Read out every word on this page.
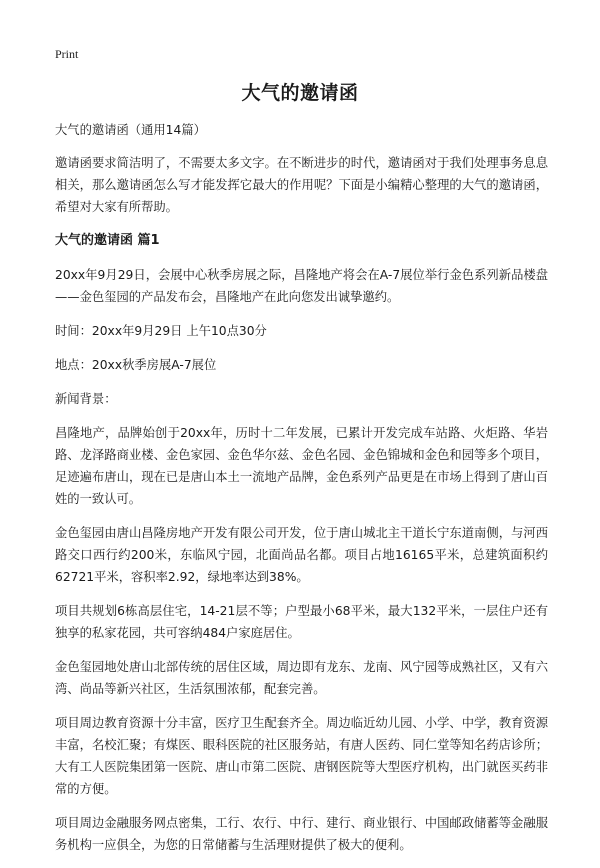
Print
大气的邀请函

大气的邀请函（通用14篇）

邀请函要求简洁明了，不需要太多文字。在不断进步的时代，邀请函对于我们处理事务息息相关，那么邀请函怎么写才能发挥它最大的作用呢？下面是小编精心整理的大气的邀请函，希望对大家有所帮助。

大气的邀请函 篇1

20xx年9月29日，会展中心秋季房展之际，昌隆地产将会在A-7展位举行金色系列新品楼盘——金色玺园的产品发布会，昌隆地产在此向您发出诚挚邀约。

时间：20xx年9月29日 上午10点30分

地点：20xx秋季房展A-7展位

新闻背景：

昌隆地产，品牌始创于20xx年，历时十二年发展，已累计开发完成车站路、火炬路、华岩路、龙泽路商业楼、金色家园、金色华尔兹、金色名园、金色锦城和金色和园等多个项目，足迹遍布唐山，现在已是唐山本土一流地产品牌，金色系列产品更是在市场上得到了唐山百姓的一致认可。

金色玺园由唐山昌隆房地产开发有限公司开发，位于唐山城北主干道长宁东道南侧，与河西路交口西行约200米，东临风宁园，北面尚品名都。项目占地16165平米，总建筑面积约62721平米，容积率2.92，绿地率达到38%。

项目共规划6栋高层住宅，14-21层不等；户型最小68平米，最大132平米，一层住户还有独享的私家花园，共可容纳484户家庭居住。

金色玺园地处唐山北部传统的居住区域，周边即有龙东、龙南、风宁园等成熟社区，又有六湾、尚品等新兴社区，生活氛围浓郁，配套完善。

项目周边教育资源十分丰富，医疗卫生配套齐全。周边临近幼儿园、小学、中学，教育资源丰富，名校汇聚；有煤医、眼科医院的社区服务站，有唐人医药、同仁堂等知名药店诊所；大有工人医院集团第一医院、唐山市第二医院、唐钢医院等大型医疗机构，出门就医买药非常的方便。

项目周边金融服务网点密集，工行、农行、中行、建行、商业银行、中国邮政储蓄等金融服务机构一应俱全，为您的日常储蓄与生活理财提供了极大的便利。
